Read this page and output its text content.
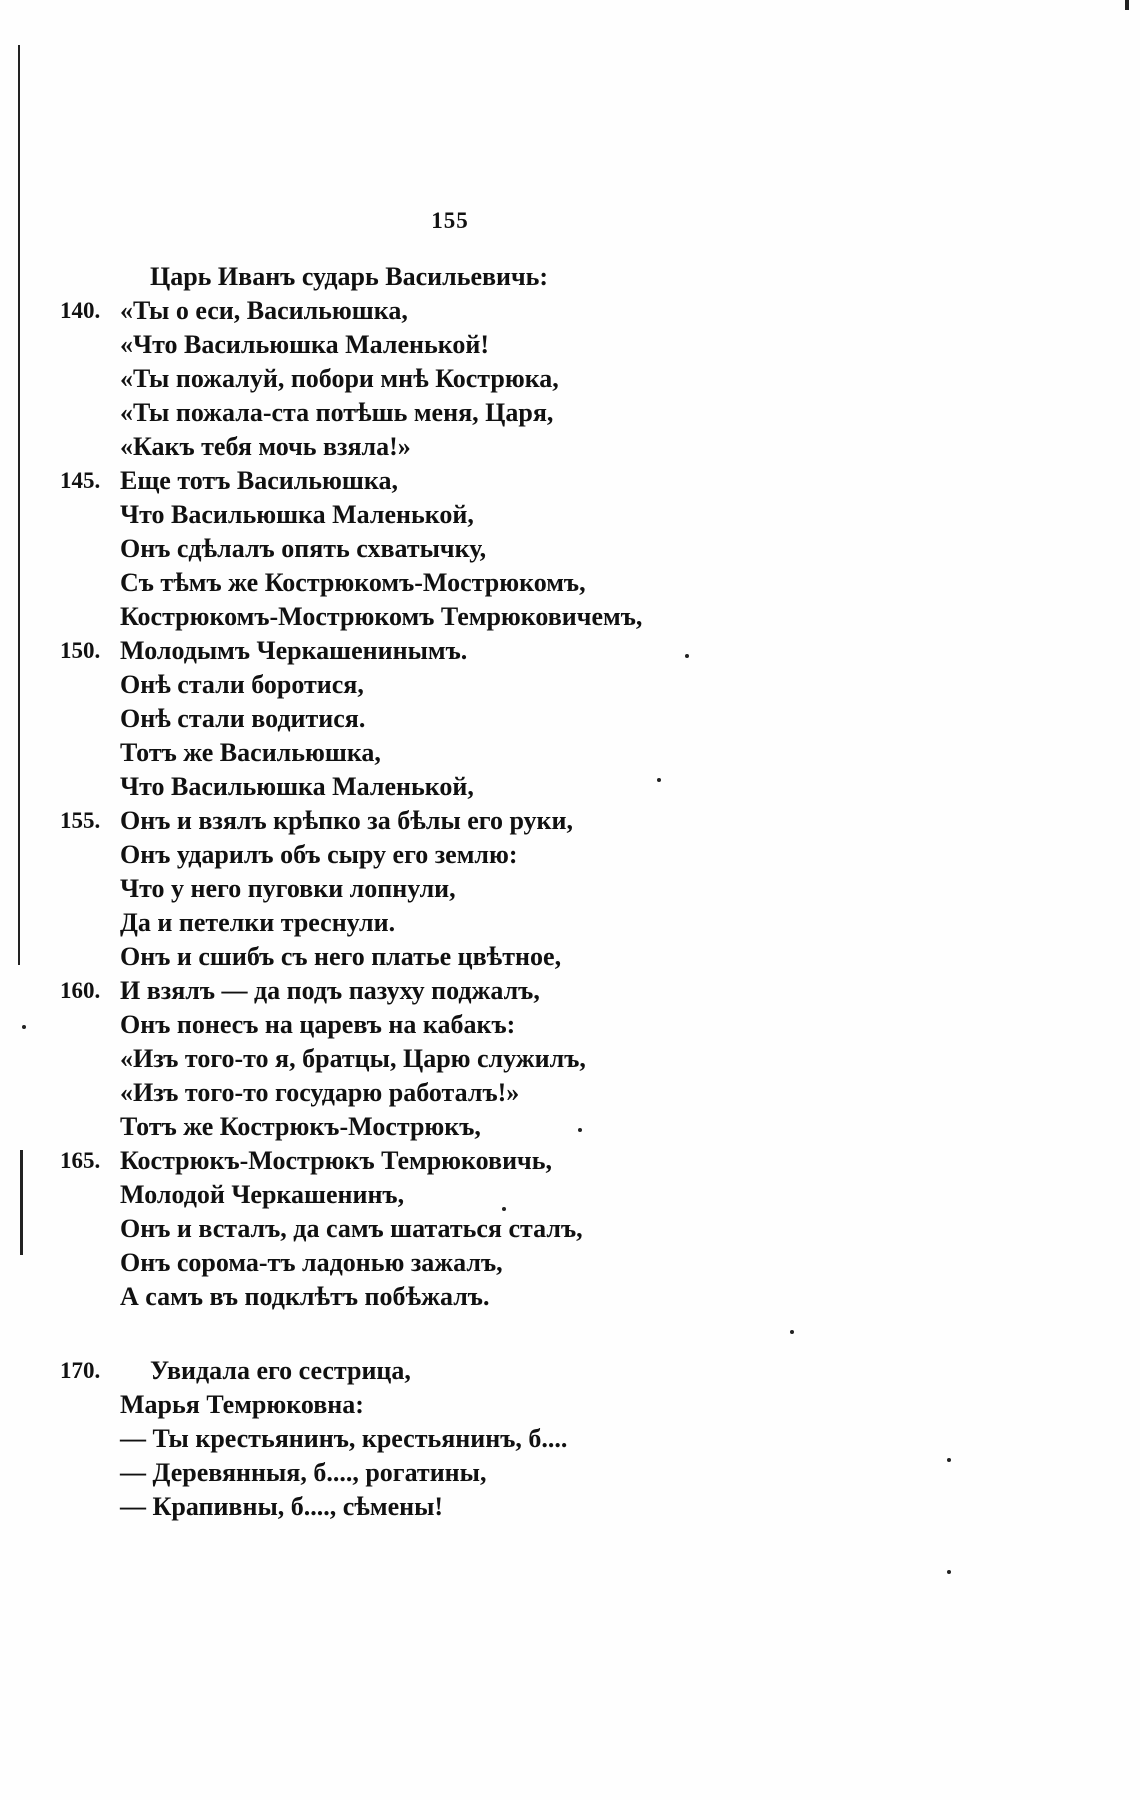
155
Царь Иванъ сударь Васильевичь:
140. «Ты о еси, Васильюшка,
«Что Васильюшка Маленькой!
«Ты пожалуй, побори мнѣ Кострюка,
«Ты пожала-ста потѣшь меня, Царя,
«Какъ тебя мочь взяла!»
145. Еще тотъ Васильюшка,
Что Васильюшка Маленькой,
Онъ сдѣлалъ опять схватычку,
Съ тѣмъ же Кострюкомъ-Мострюкомъ,
Кострюкомъ-Мострюкомъ Темрюковичемъ,
150. Молодымъ Черкашенинымъ.
Онѣ стали боротися,
Онѣ стали водитися.
Тотъ же Васильюшка,
Что Васильюшка Маленькой,
155. Онъ и взялъ крѣпко за бѣлы его руки,
Онъ ударилъ объ сыру его землю:
Что у него пуговки лопнули,
Да и петелки треснули.
Онъ и сшибъ съ него платье цвѣтное,
160. И взялъ — да подъ пазуху поджалъ,
Онъ понесъ на царевъ на кабакъ:
«Изъ того-то я, братцы, Царю служилъ,
«Изъ того-то государю работалъ!»
Тотъ же Кострюкъ-Мострюкъ,
165. Кострюкъ-Мострюкъ Темрюковичь,
Молодой Черкашенинъ,
Онъ и всталъ, да самъ шататься сталъ,
Онъ сорома-тъ ладонью зажалъ,
А самъ въ подклѣтъ побѣжалъ.
170.	Увидала его сестрица,
Марья Темрюковна:
— Ты крестьянинъ, крестьянинъ, б....
— Деревянныя, б...., рогатины,
— Крапивны, б...., сѣмены!
